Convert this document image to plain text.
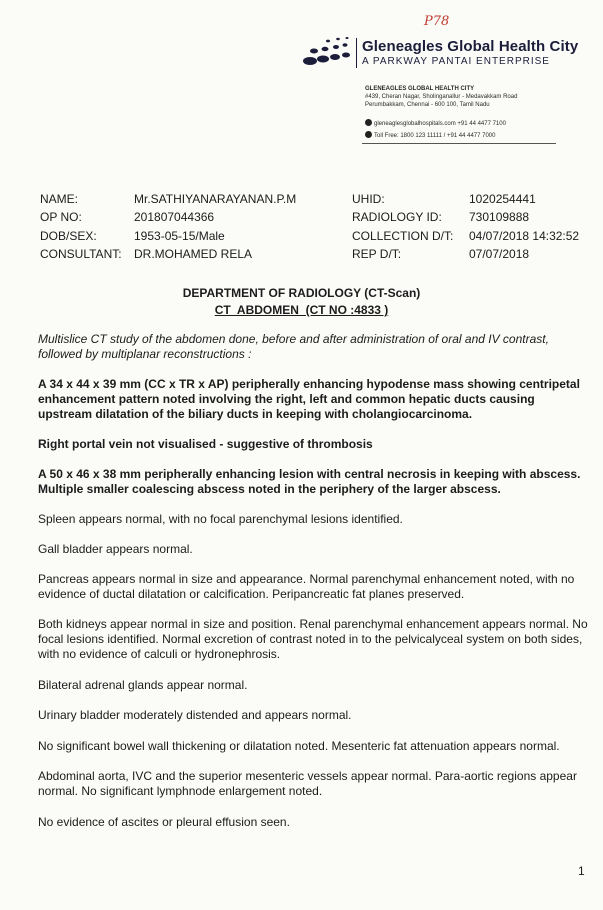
P78
Gleneagles Global Health City
A PARKWAY PANTAI ENTERPRISE
GLENEAGLES GLOBAL HEALTH CITY
#439, Cheran Nagar, Sholinganallur - Medavakkam Road
Perumbakkam, Chennai - 600 100, Tamil Nadu
gleneaglesglobalhospitals.com +91 44 4477 7100
Toll Free: 1800 123 11111 / +91 44 4477 7000
NAME:	Mr.SATHIYANARAYANAN.P.M	UHID:	1020254441
OP NO:	201807044366	RADIOLOGY ID: 730109888
DOB/SEX:	1953-05-15/Male	COLLECTION D/T: 04/07/2018 14:32:52
CONSULTANT: DR.MOHAMED RELA	REP D/T:	07/07/2018
DEPARTMENT OF RADIOLOGY (CT-Scan)
CT  ABDOMEN  (CT NO :4833 )
Multislice CT study of the abdomen done, before and after administration of oral and IV contrast, followed by multiplanar reconstructions :
A 34 x 44 x 39 mm (CC x TR x AP) peripherally enhancing hypodense mass showing centripetal enhancement pattern noted involving the right, left and common hepatic ducts causing upstream dilatation of the biliary ducts in keeping with cholangiocarcinoma.
Right portal vein not visualised - suggestive of thrombosis
A 50 x 46 x 38 mm peripherally enhancing lesion with central necrosis in keeping with abscess. Multiple smaller coalescing abscess noted in the periphery of the larger abscess.
Spleen appears normal, with no focal parenchymal lesions identified.
Gall bladder appears normal.
Pancreas appears normal in size and appearance. Normal parenchymal enhancement noted, with no evidence of ductal dilatation or calcification. Peripancreatic fat planes preserved.
Both kidneys appear normal in size and position. Renal parenchymal enhancement appears normal. No focal lesions identified. Normal excretion of contrast noted in to the pelvicalyceal system on both sides, with no evidence of calculi or hydronephrosis.
Bilateral adrenal glands appear normal.
Urinary bladder moderately distended and appears normal.
No significant bowel wall thickening or dilatation noted. Mesenteric fat attenuation appears normal.
Abdominal aorta, IVC and the superior mesenteric vessels appear normal. Para-aortic regions appear normal. No significant lymphnode enlargement noted.
No evidence of ascites or pleural effusion seen.
1
